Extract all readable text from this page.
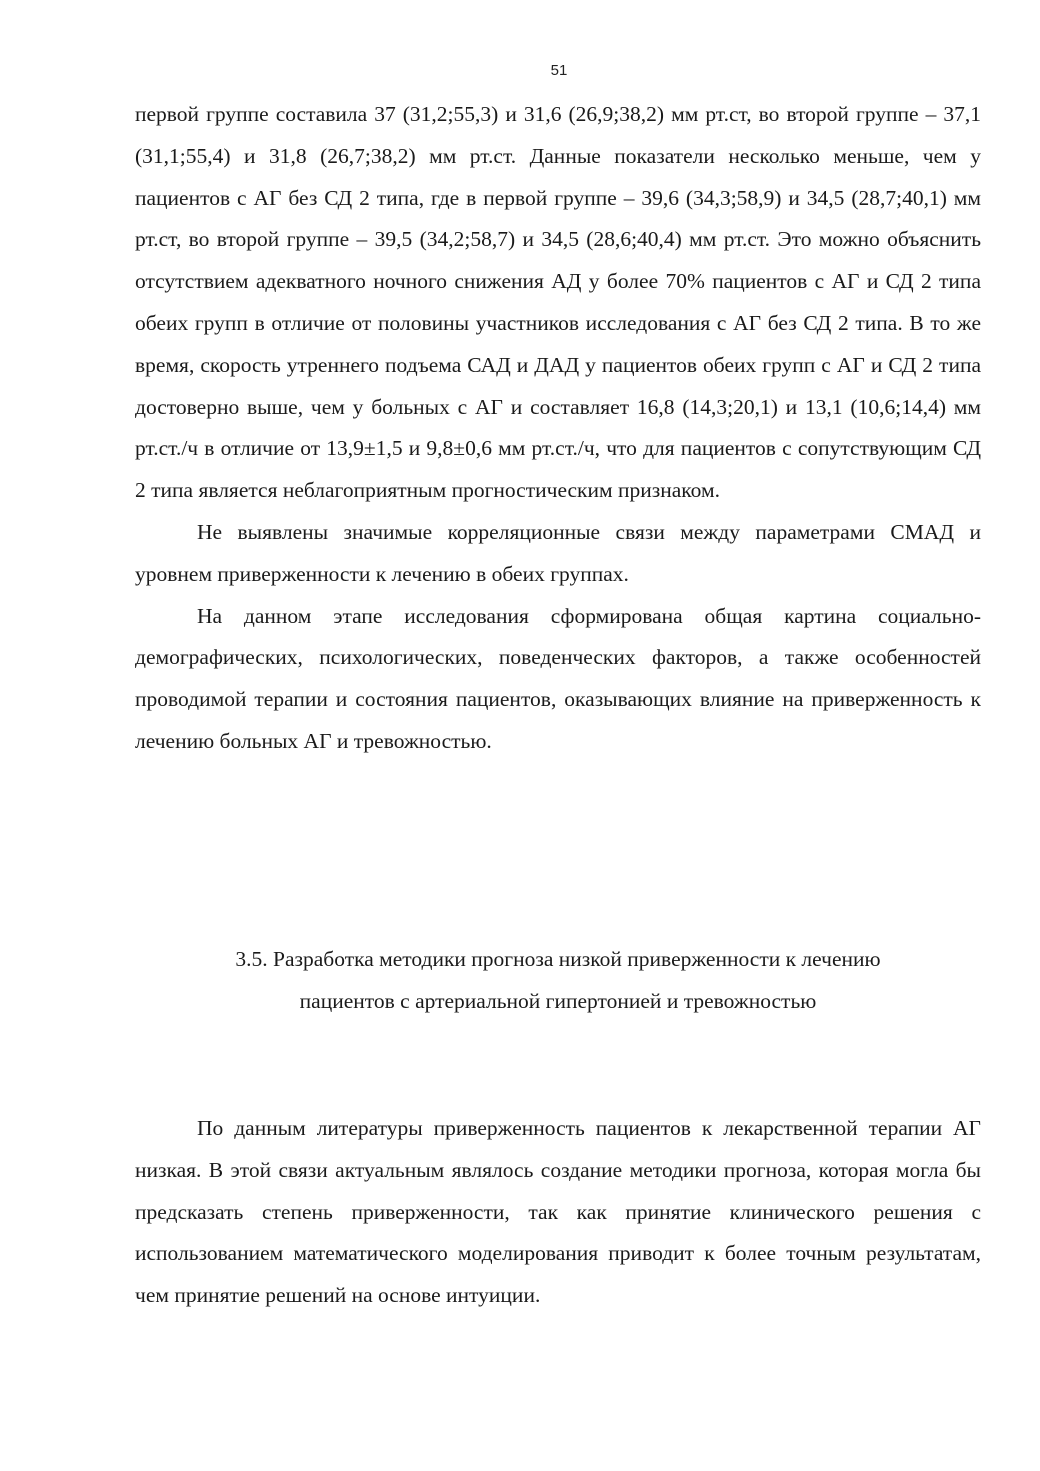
51

первой группе составила 37 (31,2;55,3) и 31,6 (26,9;38,2) мм рт.ст, во второй группе – 37,1 (31,1;55,4) и 31,8 (26,7;38,2) мм рт.ст. Данные показатели несколько меньше, чем у пациентов с АГ без СД 2 типа, где в первой группе – 39,6 (34,3;58,9) и 34,5 (28,7;40,1) мм рт.ст, во второй группе – 39,5 (34,2;58,7) и 34,5 (28,6;40,4) мм рт.ст. Это можно объяснить отсутствием адекватного ночного снижения АД у более 70% пациентов с АГ и СД 2 типа обеих групп в отличие от половины участников исследования с АГ без СД 2 типа. В то же время, скорость утреннего подъема САД и ДАД у пациентов обеих групп с АГ и СД 2 типа достоверно выше, чем у больных с АГ и составляет 16,8 (14,3;20,1) и 13,1 (10,6;14,4) мм рт.ст./ч в отличие от 13,9±1,5 и 9,8±0,6 мм рт.ст./ч, что для пациентов с сопутствующим СД 2 типа является неблагоприятным прогностическим признаком.

Не выявлены значимые корреляционные связи между параметрами СМАД и уровнем приверженности к лечению в обеих группах.

На данном этапе исследования сформирована общая картина социально-демографических, психологических, поведенческих факторов, а также особенностей проводимой терапии и состояния пациентов, оказывающих влияние на приверженность к лечению больных АГ и тревожностью.

3.5. Разработка методики прогноза низкой приверженности к лечению
пациентов с артериальной гипертонией и тревожностью

По данным литературы приверженность пациентов к лекарственной терапии АГ низкая. В этой связи актуальным являлось создание методики прогноза, которая могла бы предсказать степень приверженности, так как принятие клинического решения с использованием математического моделирования приводит к более точным результатам, чем принятие решений на основе интуиции.
